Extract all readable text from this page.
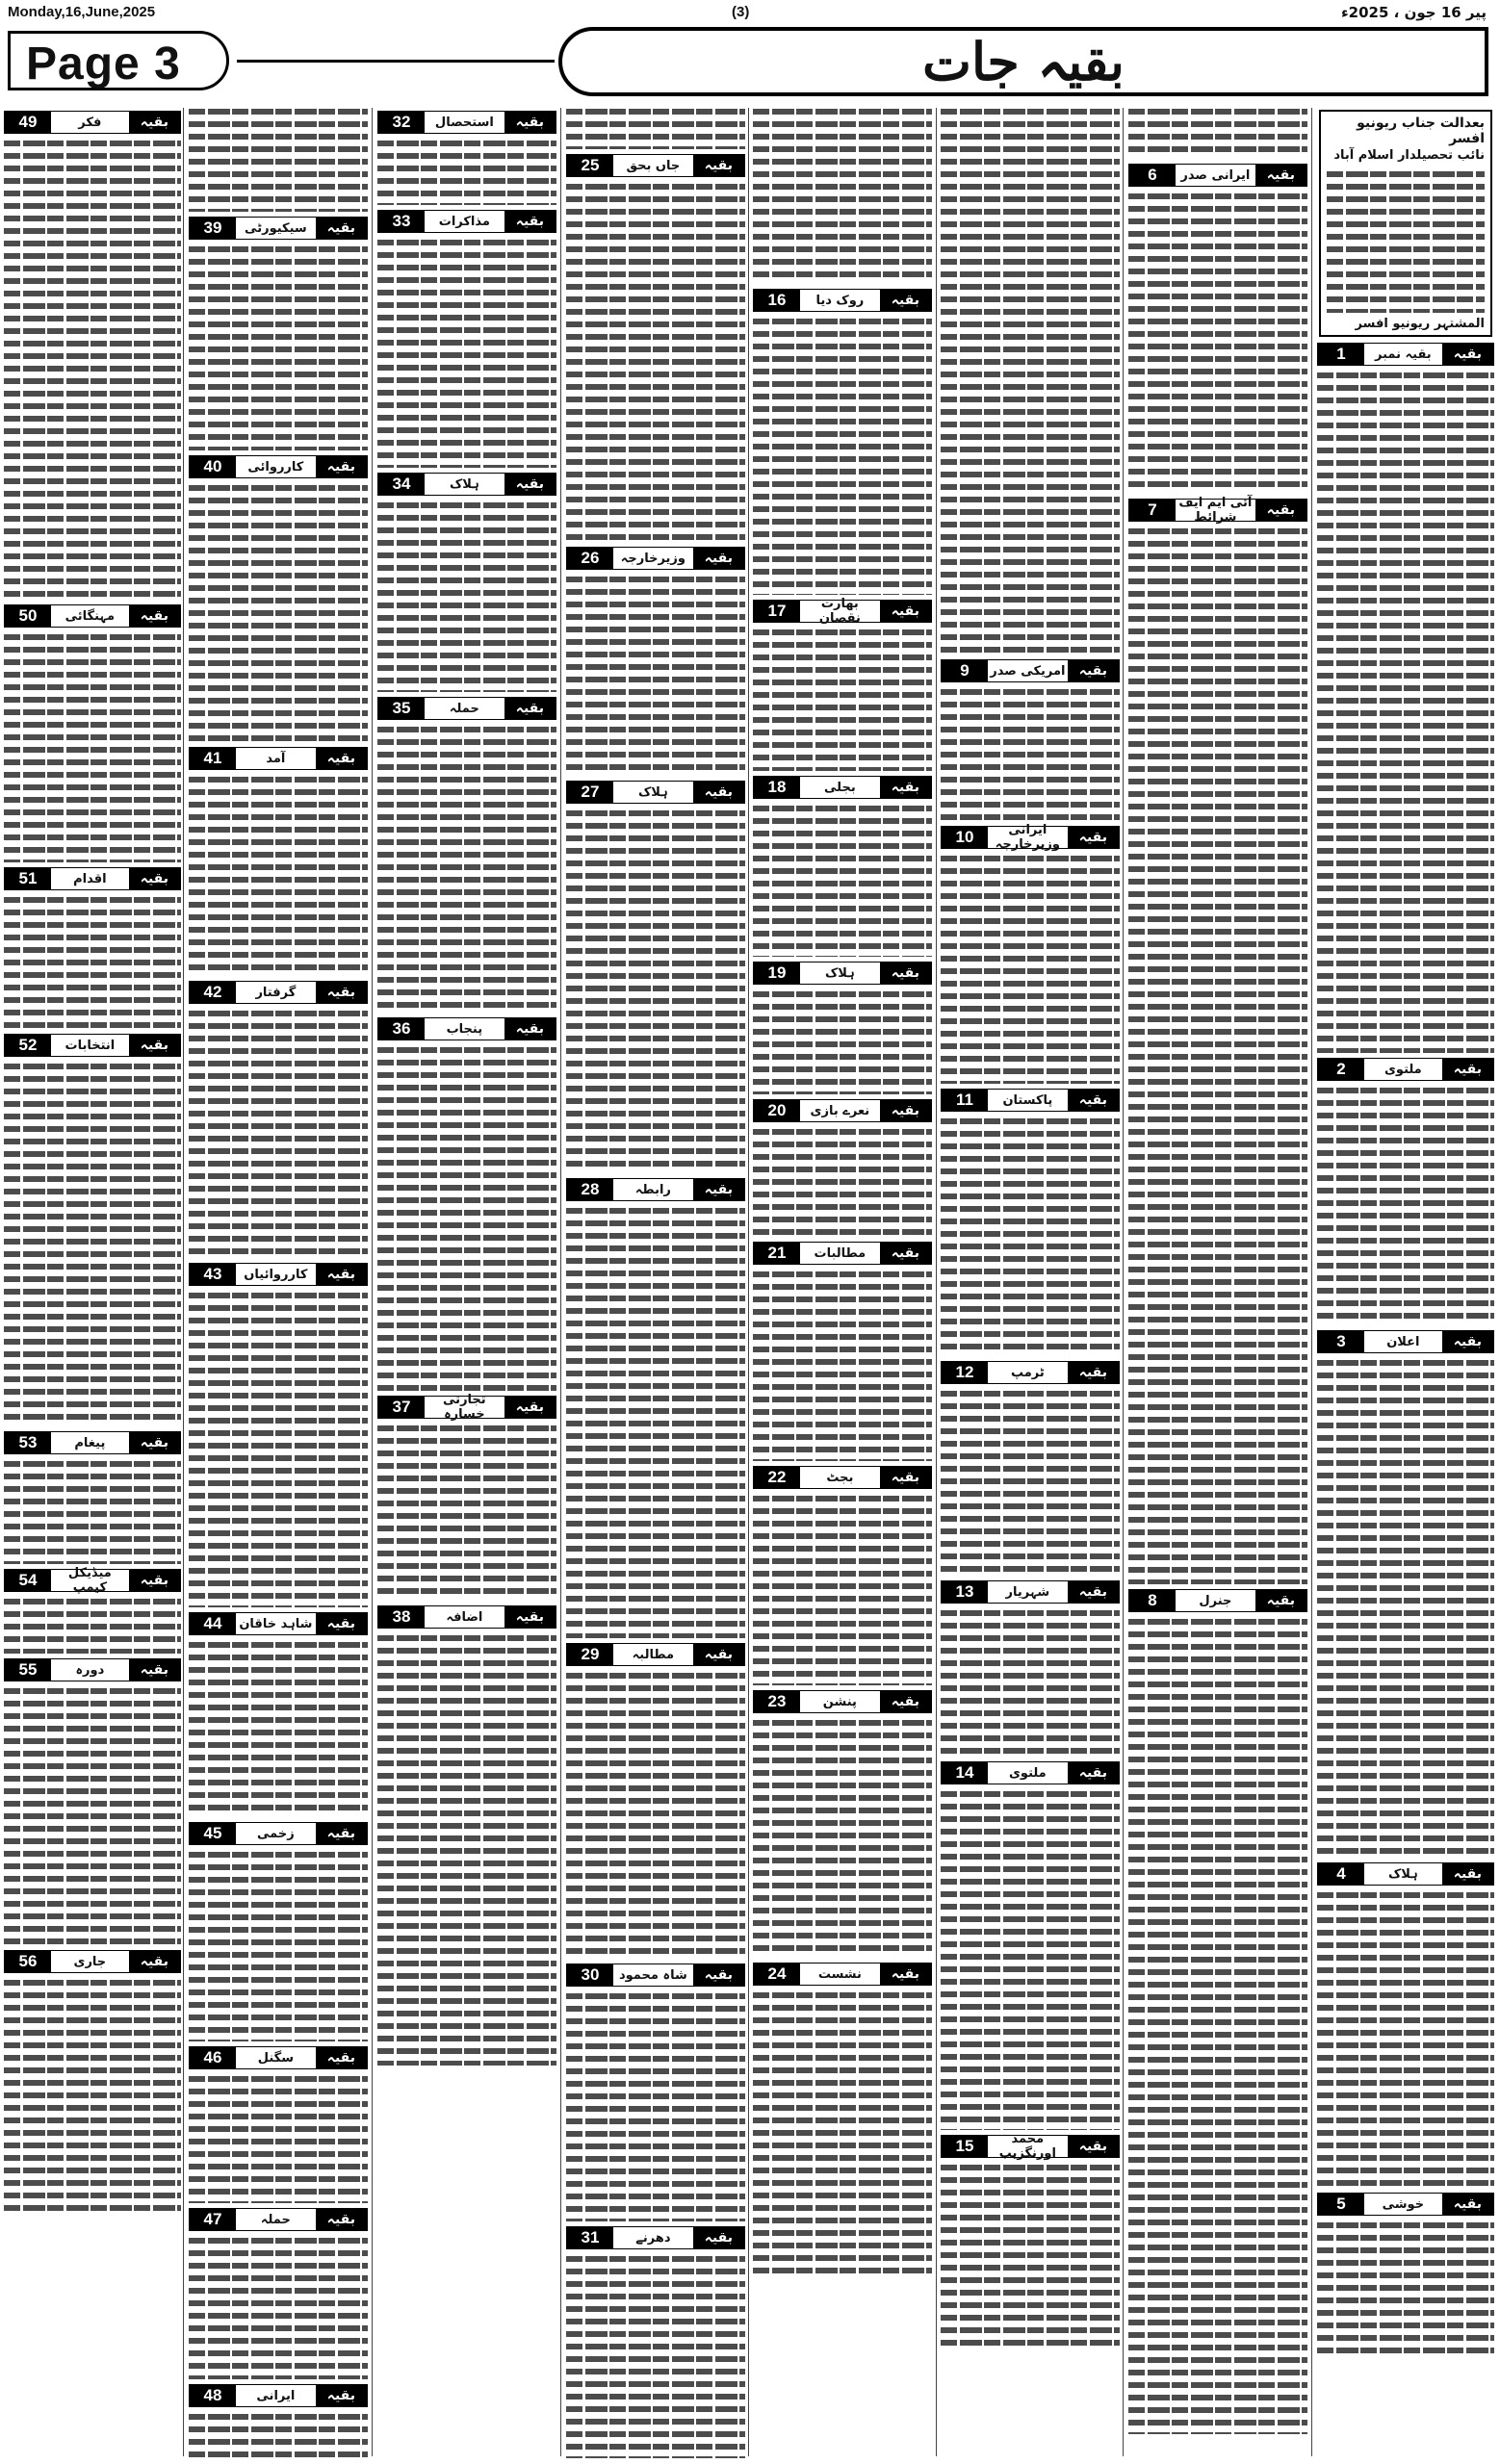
Monday,16,June,2025	(3)	پیر 16 جون ، 2025ء
Page 3	بقیہ جات
بعدالت جناب ریونیو افسر
نائب تحصیلدار اسلام آباد
المشتہر ریونیو افسر
بقیہ
بقیہ نمبر
1
بقیہ
ملتوی
2
بقیہ
اعلان
3
بقیہ
ہلاک
4
بقیہ
خوشی
5
بقیہ
ایرانی صدر
6
بقیہ
آئی ایم ایف شرائط
7
بقیہ
جنرل
8
بقیہ
امریکی صدر
9
بقیہ
ایرانی وزیرخارجہ
10
بقیہ
پاکستان
11
بقیہ
ٹرمپ
12
بقیہ
شہریار
13
بقیہ
ملتوی
14
بقیہ
محمد اورنگزیب
15
بقیہ
روک دیا
16
بقیہ
بھارت نقصان
17
بقیہ
بجلی
18
بقیہ
ہلاک
19
بقیہ
نعرے بازی
20
بقیہ
مطالبات
21
بقیہ
بجٹ
22
بقیہ
پنشن
23
بقیہ
نشست
24
بقیہ
جاں بحق
25
بقیہ
وزیرخارجہ
26
بقیہ
ہلاک
27
بقیہ
رابطہ
28
بقیہ
مطالبہ
29
بقیہ
شاہ محمود
30
بقیہ
دھرنے
31
بقیہ
استحصال
32
بقیہ
مذاکرات
33
بقیہ
ہلاک
34
بقیہ
حملہ
35
بقیہ
پنجاب
36
بقیہ
تجارتی خسارہ
37
بقیہ
اضافہ
38
بقیہ
سیکیورٹی
39
بقیہ
کارروائی
40
بقیہ
آمد
41
بقیہ
گرفتار
42
بقیہ
کارروائیاں
43
بقیہ
شاہد خاقان
44
بقیہ
زخمی
45
بقیہ
سگنل
46
بقیہ
حملہ
47
بقیہ
ایرانی
48
بقیہ
فکر
49
بقیہ
مہنگائی
50
بقیہ
اقدام
51
بقیہ
انتخابات
52
بقیہ
پیغام
53
بقیہ
میڈیکل کیمپ
54
بقیہ
دورہ
55
بقیہ
جاری
56
